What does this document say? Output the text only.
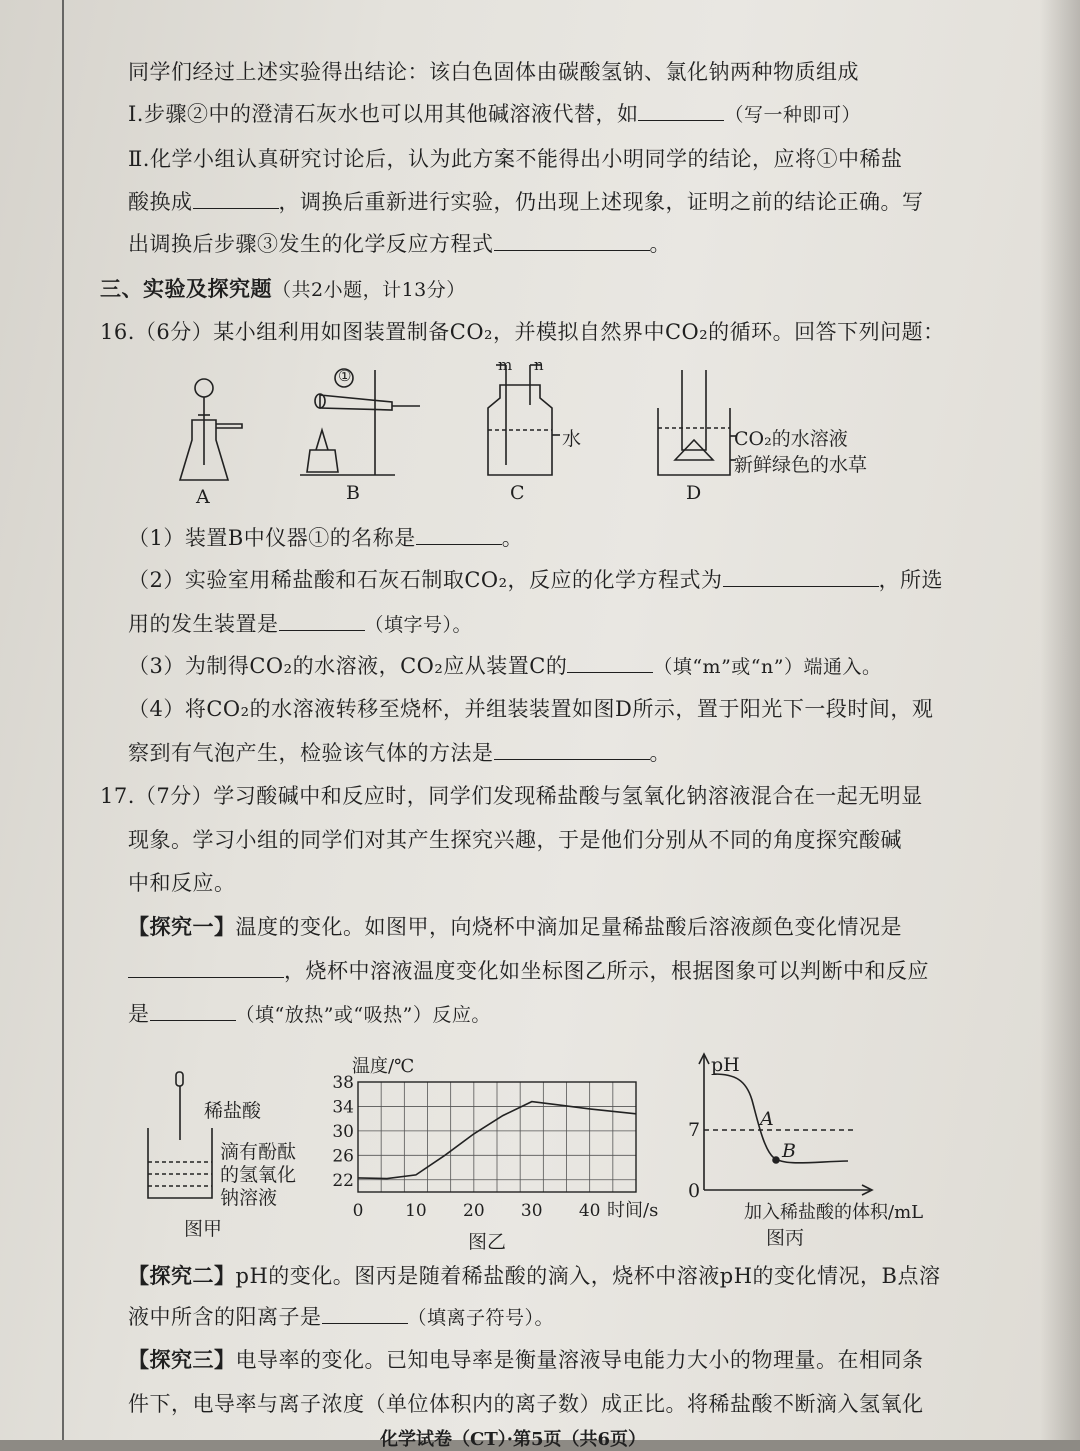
同学们经过上述实验得出结论：该白色固体由碳酸氢钠、氯化钠两种物质组成
Ⅰ.步骤②中的澄清石灰水也可以用其他碱溶液代替，如	（写一种即可）
Ⅱ.化学小组认真研究讨论后，认为此方案不能得出小明同学的结论，应将①中稀盐
酸换成	，调换后重新进行实验，仍出现上述现象，证明之前的结论正确。写
出调换后步骤③发生的化学反应方程式	。
三、实验及探究题（共2小题，计13分）
16.（6分）某小组利用如图装置制备CO₂，并模拟自然界中CO₂的循环。回答下列问题：
A	B
①
C
m n
水
D
CO₂的水溶液
新鲜绿色的水草
（1）装置B中仪器①的名称是	。
（2）实验室用稀盐酸和石灰石制取CO₂，反应的化学方程式为	，所选
用的发生装置是	（填字号）。
（3）为制得CO₂的水溶液，CO₂应从装置C的	（填“m”或“n”）端通入。
（4）将CO₂的水溶液转移至烧杯，并组装装置如图D所示，置于阳光下一段时间，观
察到有气泡产生，检验该气体的方法是	。
17.（7分）学习酸碱中和反应时，同学们发现稀盐酸与氢氧化钠溶液混合在一起无明显
现象。学习小组的同学们对其产生探究兴趣，于是他们分别从不同的角度探究酸碱
中和反应。
【探究一】温度的变化。如图甲，向烧杯中滴加足量稀盐酸后溶液颜色变化情况是
，烧杯中溶液温度变化如坐标图乙所示，根据图象可以判断中和反应
是	（填“放热”或“吸热”）反应。
稀盐酸
滴有酚酞
的氢氧化
钠溶液
图甲
22
26
30
34
38
0 10 20 30 40 时间/s
温度/℃
图乙
pH
7
0
A
B
加入稀盐酸的体积/mL
图丙
【探究二】pH的变化。图丙是随着稀盐酸的滴入，烧杯中溶液pH的变化情况，B点溶
液中所含的阳离子是	（填离子符号）。
【探究三】电导率的变化。已知电导率是衡量溶液导电能力大小的物理量。在相同条
件下，电导率与离子浓度（单位体积内的离子数）成正比。将稀盐酸不断滴入氢氧化
化学试卷（CT）·第5页（共6页）
